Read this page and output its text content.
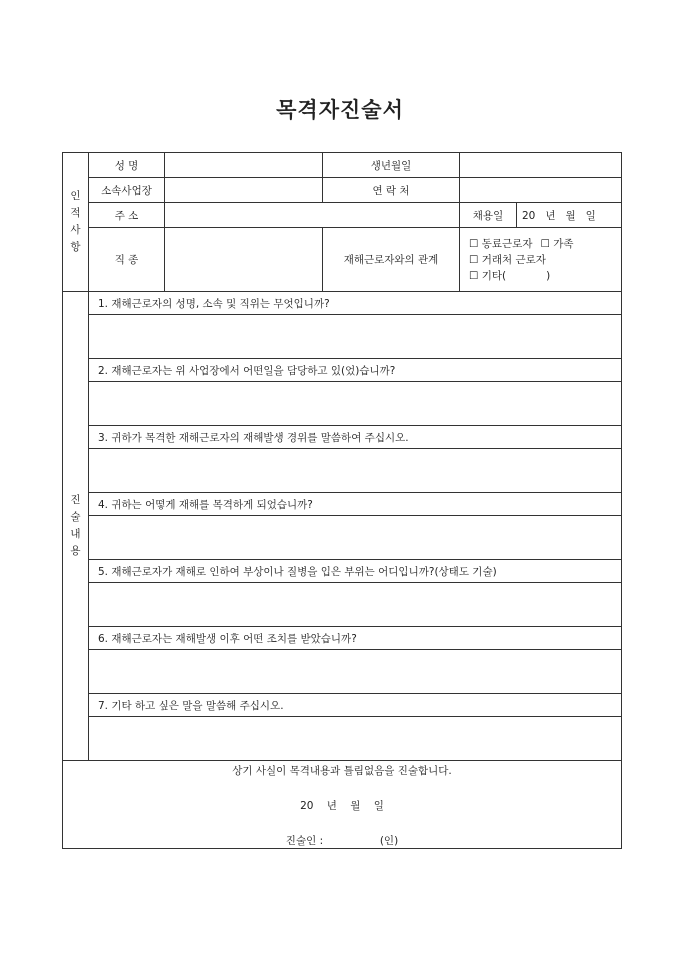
목격자진술서
인
적
사
항	성 명		생년월일		
	소속사업장		연 락 처		
	주 소			채용일	20   년   월   일
	직 종		재해근로자와의 관계	☐ 동료근로자 ☐ 가족
☐ 거래처 근로자
☐ 기타(            )	

진
술
내
용	1. 재해근로자의 성명, 소속 및 직위는 무엇입니까?				

	2. 재해근로자는 위 사업장에서 어떤일을 담당하고 있(었)습니까?				

	3. 귀하가 목격한 재해근로자의 재해발생 경위를 말씀하여 주십시오.				

	4. 귀하는 어떻게 재해를 목격하게 되었습니까?				

	5. 재해근로자가 재해로 인하여 부상이나 질병을 입은 부위는 어디입니까?(상태도 기술)				

	6. 재해근로자는 재해발생 이후 어떤 조치를 받았습니까?				

	7. 기타 하고 싶은 말을 말씀해 주십시오.				

상기 사실이 목격내용과 틀림없음을 진술합니다.
20    년    월    일
진술인 :                 (인)					
